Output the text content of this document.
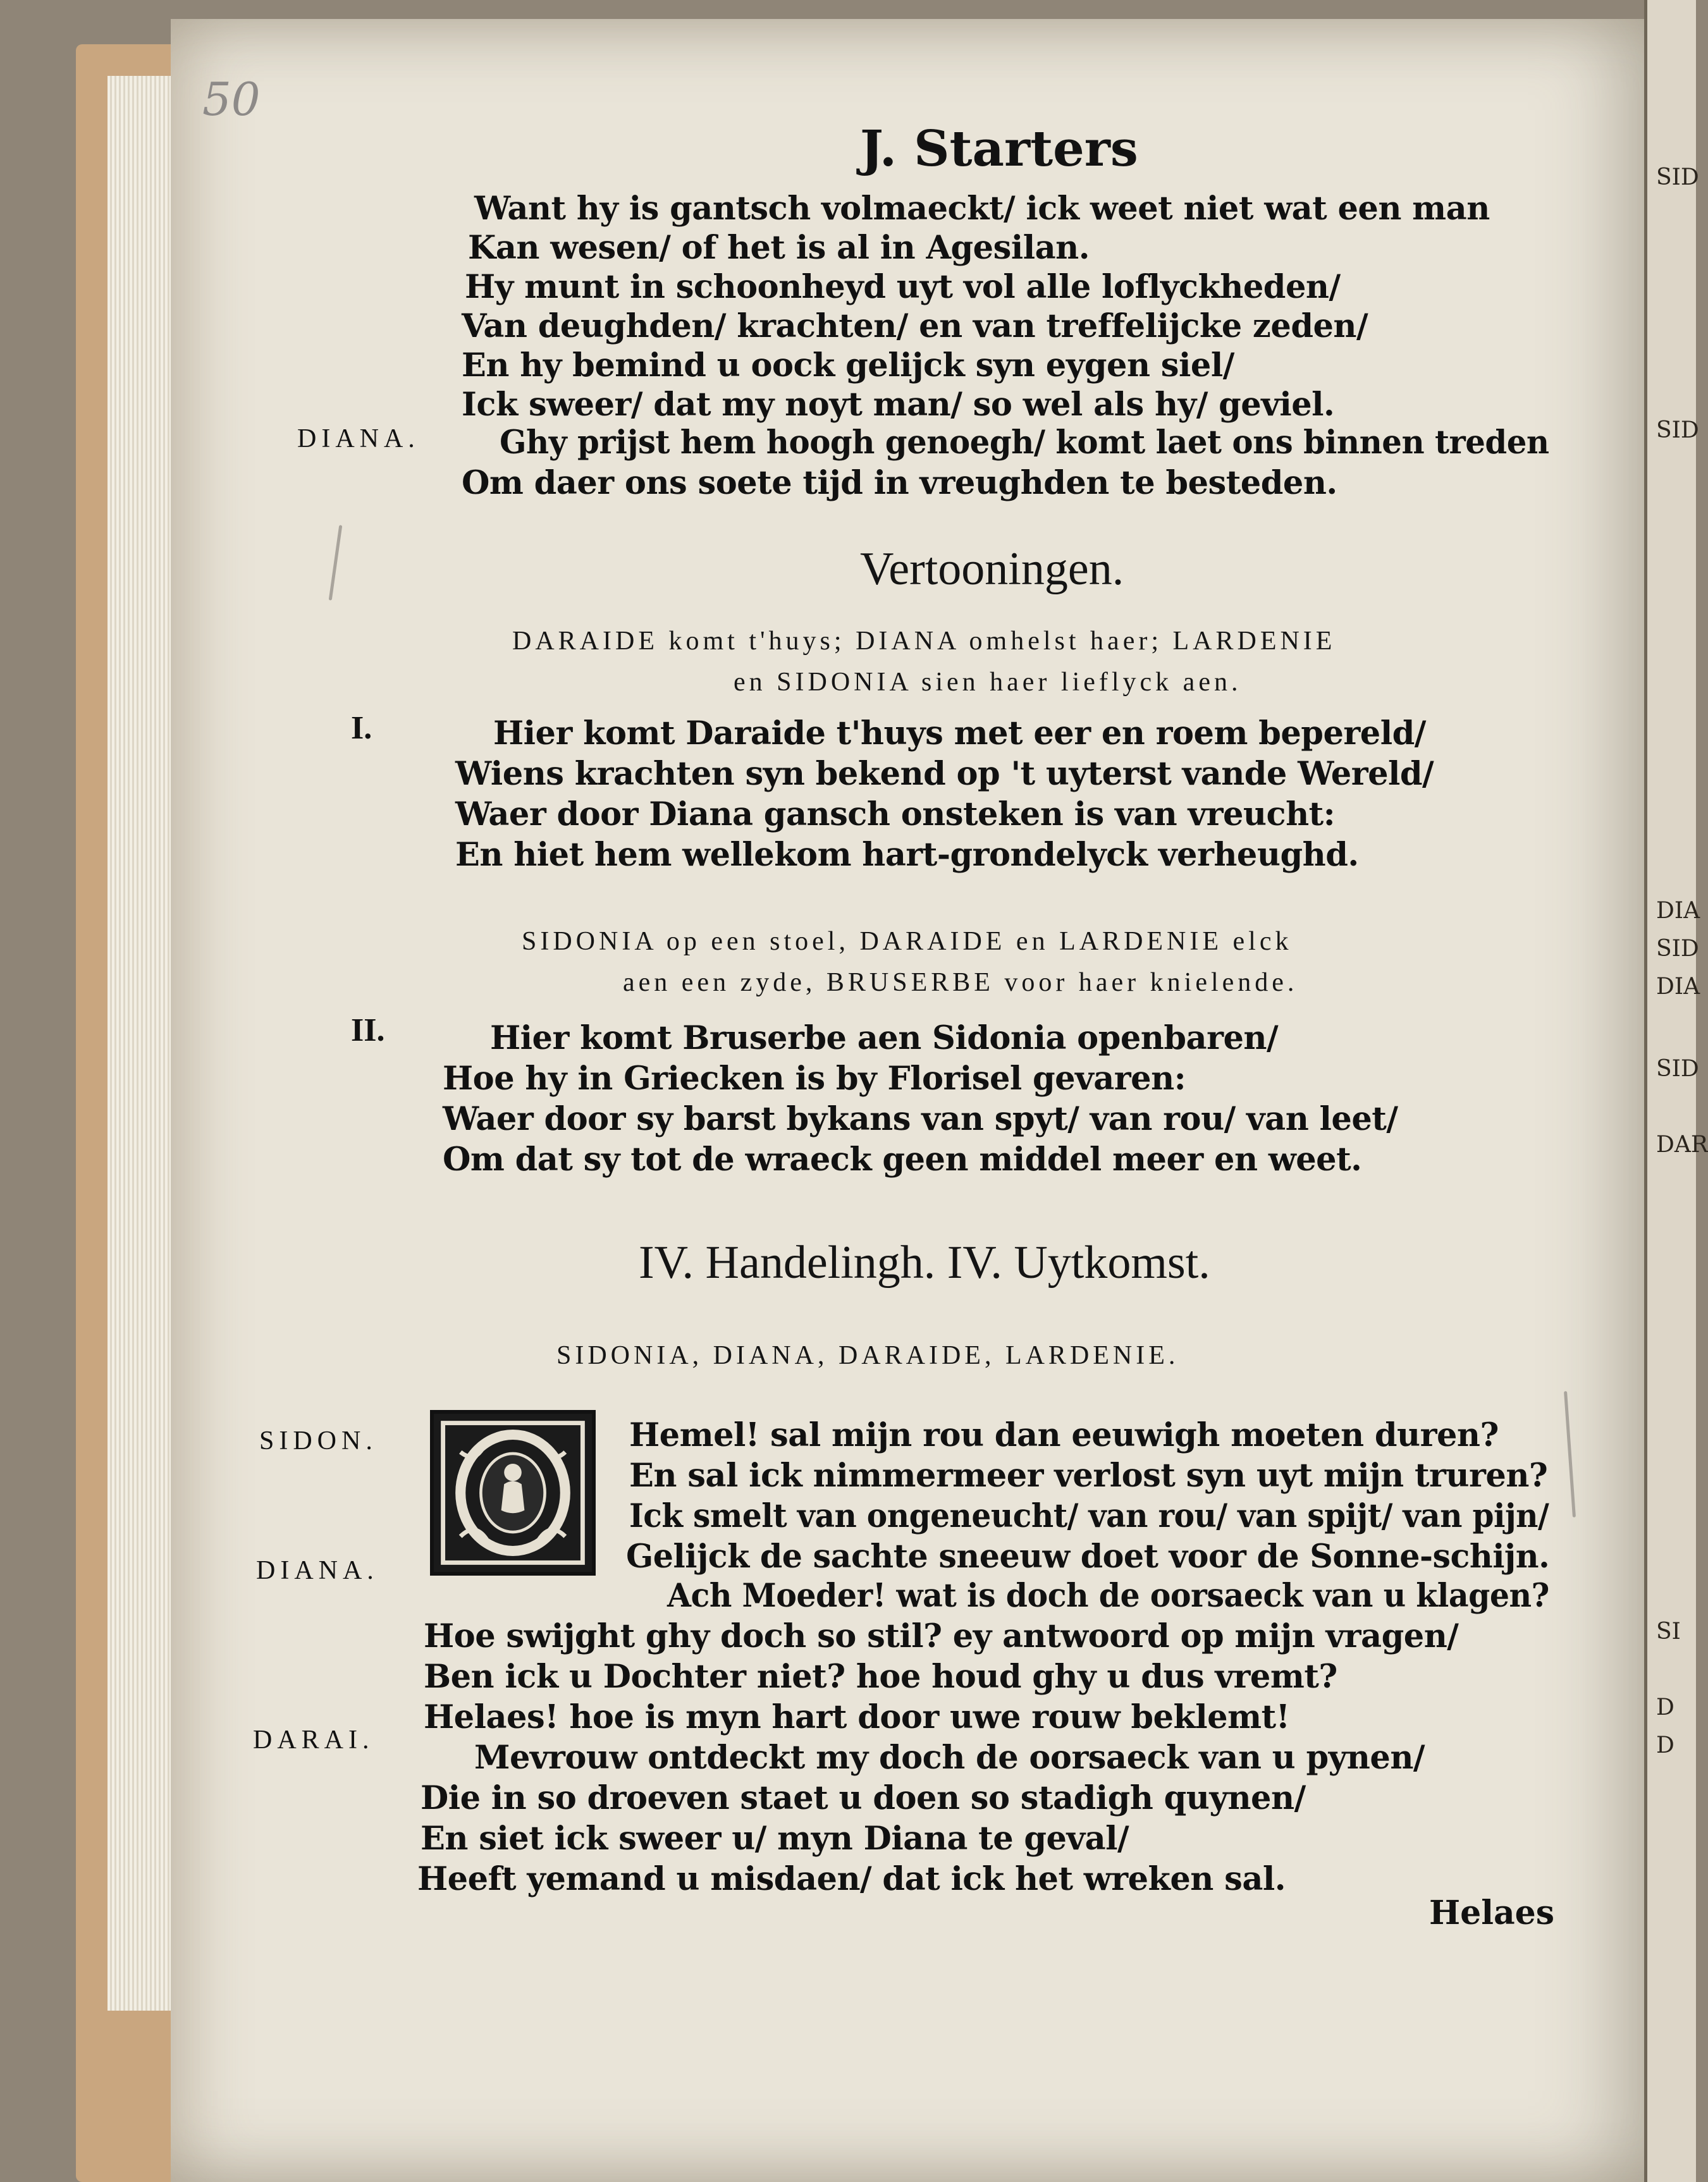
SID
SID
DIA
SID
DIA
SID
DAR
SI
D
D
50
J. Starters
Want hy is gantsch volmaeckt/ ick weet niet wat een man
Kan wesen/ of het is al in Agesilan.
Hy munt in schoonheyd uyt vol alle loflyckheden/
Van deughden/ krachten/ en van treffelijcke zeden/
En hy bemind u oock gelijck syn eygen siel/
Ick sweer/ dat my noyt man/ so wel als hy/ geviel.
DIANA. Ghy prijst hem hoogh genoegh/ komt laet ons binnen treden
Om daer ons soete tijd in vreughden te besteden.
Vertooningen.
DARAIDE komt t'huys; DIANA omhelst haer; LARDENIE
en SIDONIA sien haer lieflyck aen.
I.	Hier komt Daraide t'huys met eer en roem bepereld/
Wiens krachten syn bekend op 't uyterst vande Wereld/
Waer door Diana gansch onsteken is van vreucht:
En hiet hem wellekom hart-grondelyck verheughd.
SIDONIA op een stoel, DARAIDE en LARDENIE elck
aen een zyde, BRUSERBE voor haer knielende.
II.	Hier komt Bruserbe aen Sidonia openbaren/
Hoe hy in Griecken is by Florisel gevaren:
Waer door sy barst bykans van spyt/ van rou/ van leet/
Om dat sy tot de wraeck geen middel meer en weet.
IV. Handelingh. IV. Uytkomst.
SIDONIA, DIANA, DARAIDE, LARDENIE.
SIDON.	Hemel! sal mijn rou dan eeuwigh moeten duren?
En sal ick nimmermeer verlost syn uyt mijn truren?
Ick smelt van ongeneucht/ van rou/ van spijt/ van pijn/
Gelijck de sachte sneeuw doet voor de Sonne-schijn.
DIANA.
Ach Moeder! wat is doch de oorsaeck van u klagen?
Hoe swijght ghy doch so stil? ey antwoord op mijn vragen/
Ben ick u Dochter niet? hoe houd ghy u dus vremt?
Helaes! hoe is myn hart door uwe rouw beklemt!
DARAI.	Mevrouw ontdeckt my doch de oorsaeck van u pynen/
Die in so droeven staet u doen so stadigh quynen/
En siet ick sweer u/ myn Diana te geval/
Heeft yemand u misdaen/ dat ick het wreken sal.
Helaes
